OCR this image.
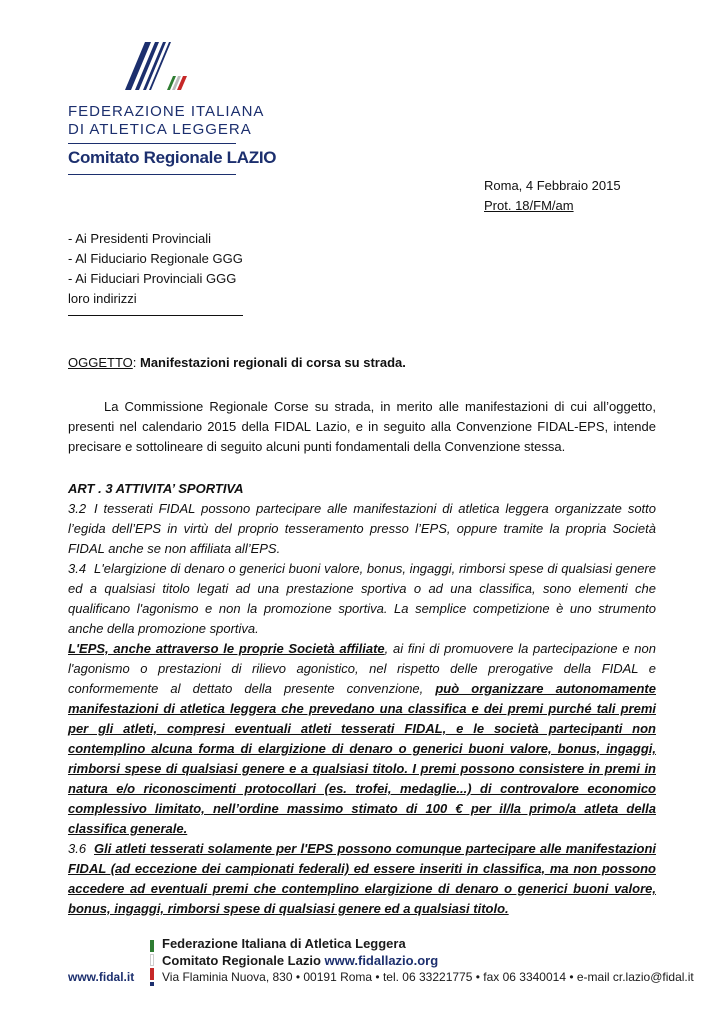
FEDERAZIONE ITALIANA
DI ATLETICA LEGGERA
Comitato Regionale LAZIO
Roma, 4 Febbraio 2015
Prot. 18/FM/am
- Ai Presidenti Provinciali
- Al Fiduciario Regionale GGG
- Ai Fiduciari Provinciali GGG
loro indirizzi
OGGETTO: Manifestazioni regionali di corsa su strada.

La Commissione Regionale Corse su strada, in merito alle manifestazioni di cui all’oggetto, presenti nel calendario 2015 della FIDAL Lazio, e in seguito alla Convenzione FIDAL-EPS, intende precisare e sottolineare di seguito alcuni punti fondamentali della Convenzione stessa.

ART . 3 ATTIVITA’ SPORTIVA

3.2 I tesserati FIDAL possono partecipare alle manifestazioni di atletica leggera organizzate sotto l’egida dell’EPS in virtù del proprio tesseramento presso l’EPS, oppure tramite la propria Società FIDAL anche se non affiliata all’EPS.

3.4 L'elargizione di denaro o generici buoni valore, bonus, ingaggi, rimborsi spese di qualsiasi genere ed a qualsiasi titolo legati ad una prestazione sportiva o ad una classifica, sono elementi che qualificano l'agonismo e non la promozione sportiva. La semplice competizione è uno strumento anche della promozione sportiva.

L'EPS, anche attraverso le proprie Società affiliate, ai fini di promuovere la partecipazione e non l'agonismo o prestazioni di rilievo agonistico, nel rispetto delle prerogative della FIDAL e conformemente al dettato della presente convenzione, può organizzare autonomamente manifestazioni di atletica leggera che prevedano una classifica e dei premi purché tali premi per gli atleti, compresi eventuali atleti tesserati FIDAL, e le società partecipanti non contemplino alcuna forma di elargizione di denaro o generici buoni valore, bonus, ingaggi, rimborsi spese di qualsiasi genere e a qualsiasi titolo. I premi possono consistere in premi in natura e/o riconoscimenti protocollari (es. trofei, medaglie...) di controvalore economico complessivo limitato, nell’ordine massimo stimato di 100 € per il/la primo/a atleta della classifica generale.

3.6 Gli atleti tesserati solamente per l'EPS possono comunque partecipare alle manifestazioni FIDAL (ad eccezione dei campionati federali) ed essere inseriti in classifica, ma non possono accedere ad eventuali premi che contemplino elargizione di denaro o generici buoni valore, bonus, ingaggi, rimborsi spese di qualsiasi genere ed a qualsiasi titolo.

Federazione Italiana di Atletica Leggera
Comitato Regionale Lazio www.fidallazio.org
www.fidal.it Via Flaminia Nuova, 830 • 00191 Roma • tel. 06 33221775 • fax 06 3340014 • e-mail cr.lazio@fidal.it
